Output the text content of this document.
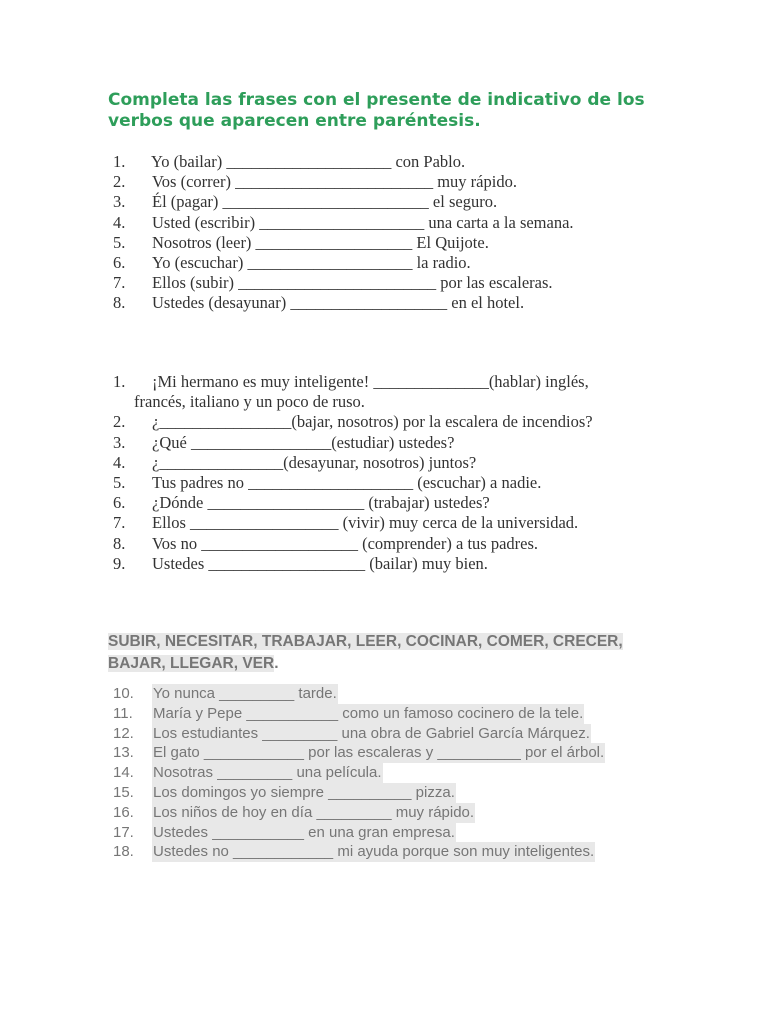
Completa las frases con el presente de indicativo de los verbos que aparecen entre paréntesis.
1.	Yo (bailar) ____________________ con Pablo.
2.	Vos (correr) ________________________ muy rápido.
3.	Él (pagar) _________________________ el seguro.
4.	Usted (escribir) ____________________ una carta a la semana.
5.	Nosotros (leer) ___________________ El Quijote.
6.	Yo (escuchar) ____________________ la radio.
7.	Ellos (subir) ________________________ por las escaleras.
8.	Ustedes (desayunar) ___________________ en el hotel.
1.	¡Mi hermano es muy inteligente! ______________(hablar) inglés,
francés, italiano y un poco de ruso.
2.	¿________________(bajar, nosotros) por la escalera de incendios?
3.	¿Qué _________________(estudiar) ustedes?
4.	¿_______________(desayunar, nosotros) juntos?
5.	Tus padres no ____________________ (escuchar) a nadie.
6.	¿Dónde ___________________ (trabajar) ustedes?
7.	Ellos __________________ (vivir) muy cerca de la universidad.
8.	Vos no ___________________ (comprender) a tus padres.
9.	Ustedes ___________________ (bailar) muy bien.
SUBIR, NECESITAR, TRABAJAR, LEER, COCINAR, COMER, CRECER,
BAJAR, LLEGAR, VER.
10.	Yo nunca _________ tarde.
11.	María y Pepe ___________ como un famoso cocinero de la tele.
12.	Los estudiantes _________ una obra de Gabriel García Márquez.
13.	El gato ____________ por las escaleras y __________ por el árbol.
14.	Nosotras _________ una película.
15.	Los domingos yo siempre __________ pizza.
16.	Los niños de hoy en día _________ muy rápido.
17.	Ustedes ___________ en una gran empresa.
18.	Ustedes no ____________ mi ayuda porque son muy inteligentes.
